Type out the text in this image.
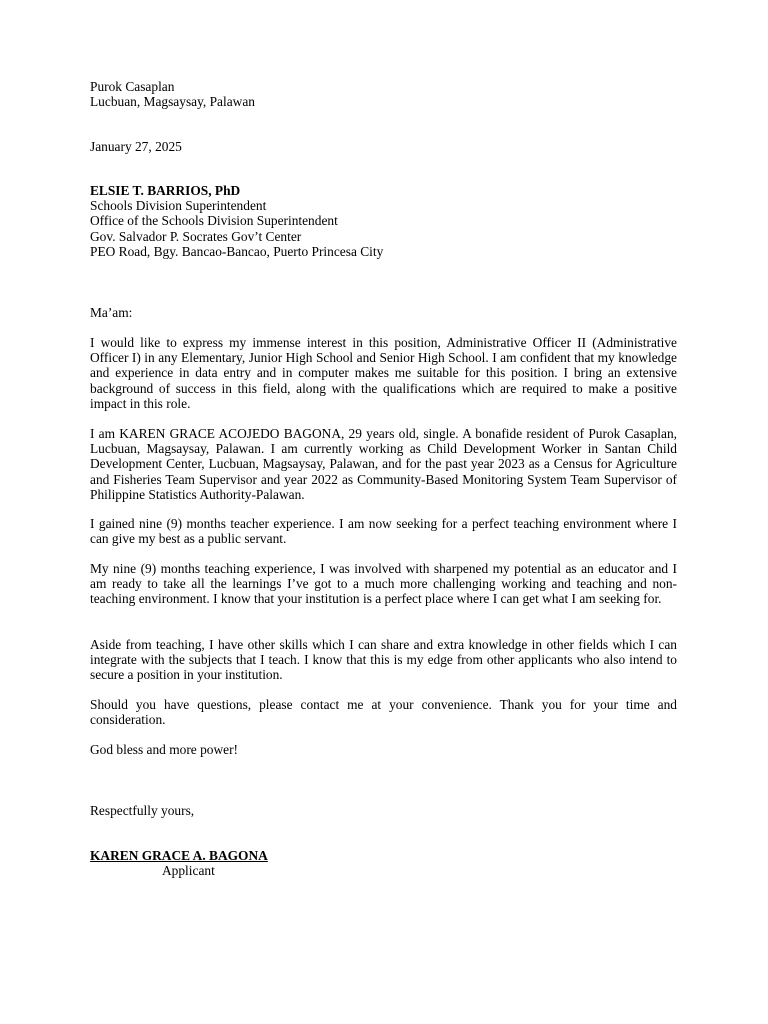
Purok Casaplan

Lucbuan, Magsaysay, Palawan

January 27, 2025

ELSIE T. BARRIOS, PhD

Schools Division Superintendent

Office of the Schools Division Superintendent

Gov. Salvador P. Socrates Gov’t Center

PEO Road, Bgy. Bancao-Bancao, Puerto Princesa City

Ma’am:

I would like to express my immense interest in this position, Administrative Officer II (Administrative Officer I) in any Elementary, Junior High School and Senior High School. I am confident that my knowledge and experience in data entry and in computer makes me suitable for this position. I bring an extensive background of success in this field, along with the qualifications which are required to make a positive impact in this role.

I am KAREN GRACE ACOJEDO BAGONA, 29 years old, single. A bonafide resident of Purok Casaplan, Lucbuan, Magsaysay, Palawan. I am currently working as Child Development Worker in Santan Child Development Center, Lucbuan, Magsaysay, Palawan, and for the past year 2023 as a Census for Agriculture and Fisheries Team Supervisor and year 2022 as Community-Based Monitoring System Team Supervisor of Philippine Statistics Authority-Palawan.

I gained nine (9) months teacher experience. I am now seeking for a perfect teaching environment where I can give my best as a public servant.

My nine (9) months teaching experience, I was involved with sharpened my potential as an educator and I am ready to take all the learnings I’ve got to a much more challenging working and teaching and non-teaching environment. I know that your institution is a perfect place where I can get what I am seeking for.

Aside from teaching, I have other skills which I can share and extra knowledge in other fields which I can integrate with the subjects that I teach. I know that this is my edge from other applicants who also intend to secure a position in your institution.

Should you have questions, please contact me at your convenience. Thank you for your time and consideration.

God bless and more power!

Respectfully yours,

KAREN GRACE A. BAGONA

Applicant
